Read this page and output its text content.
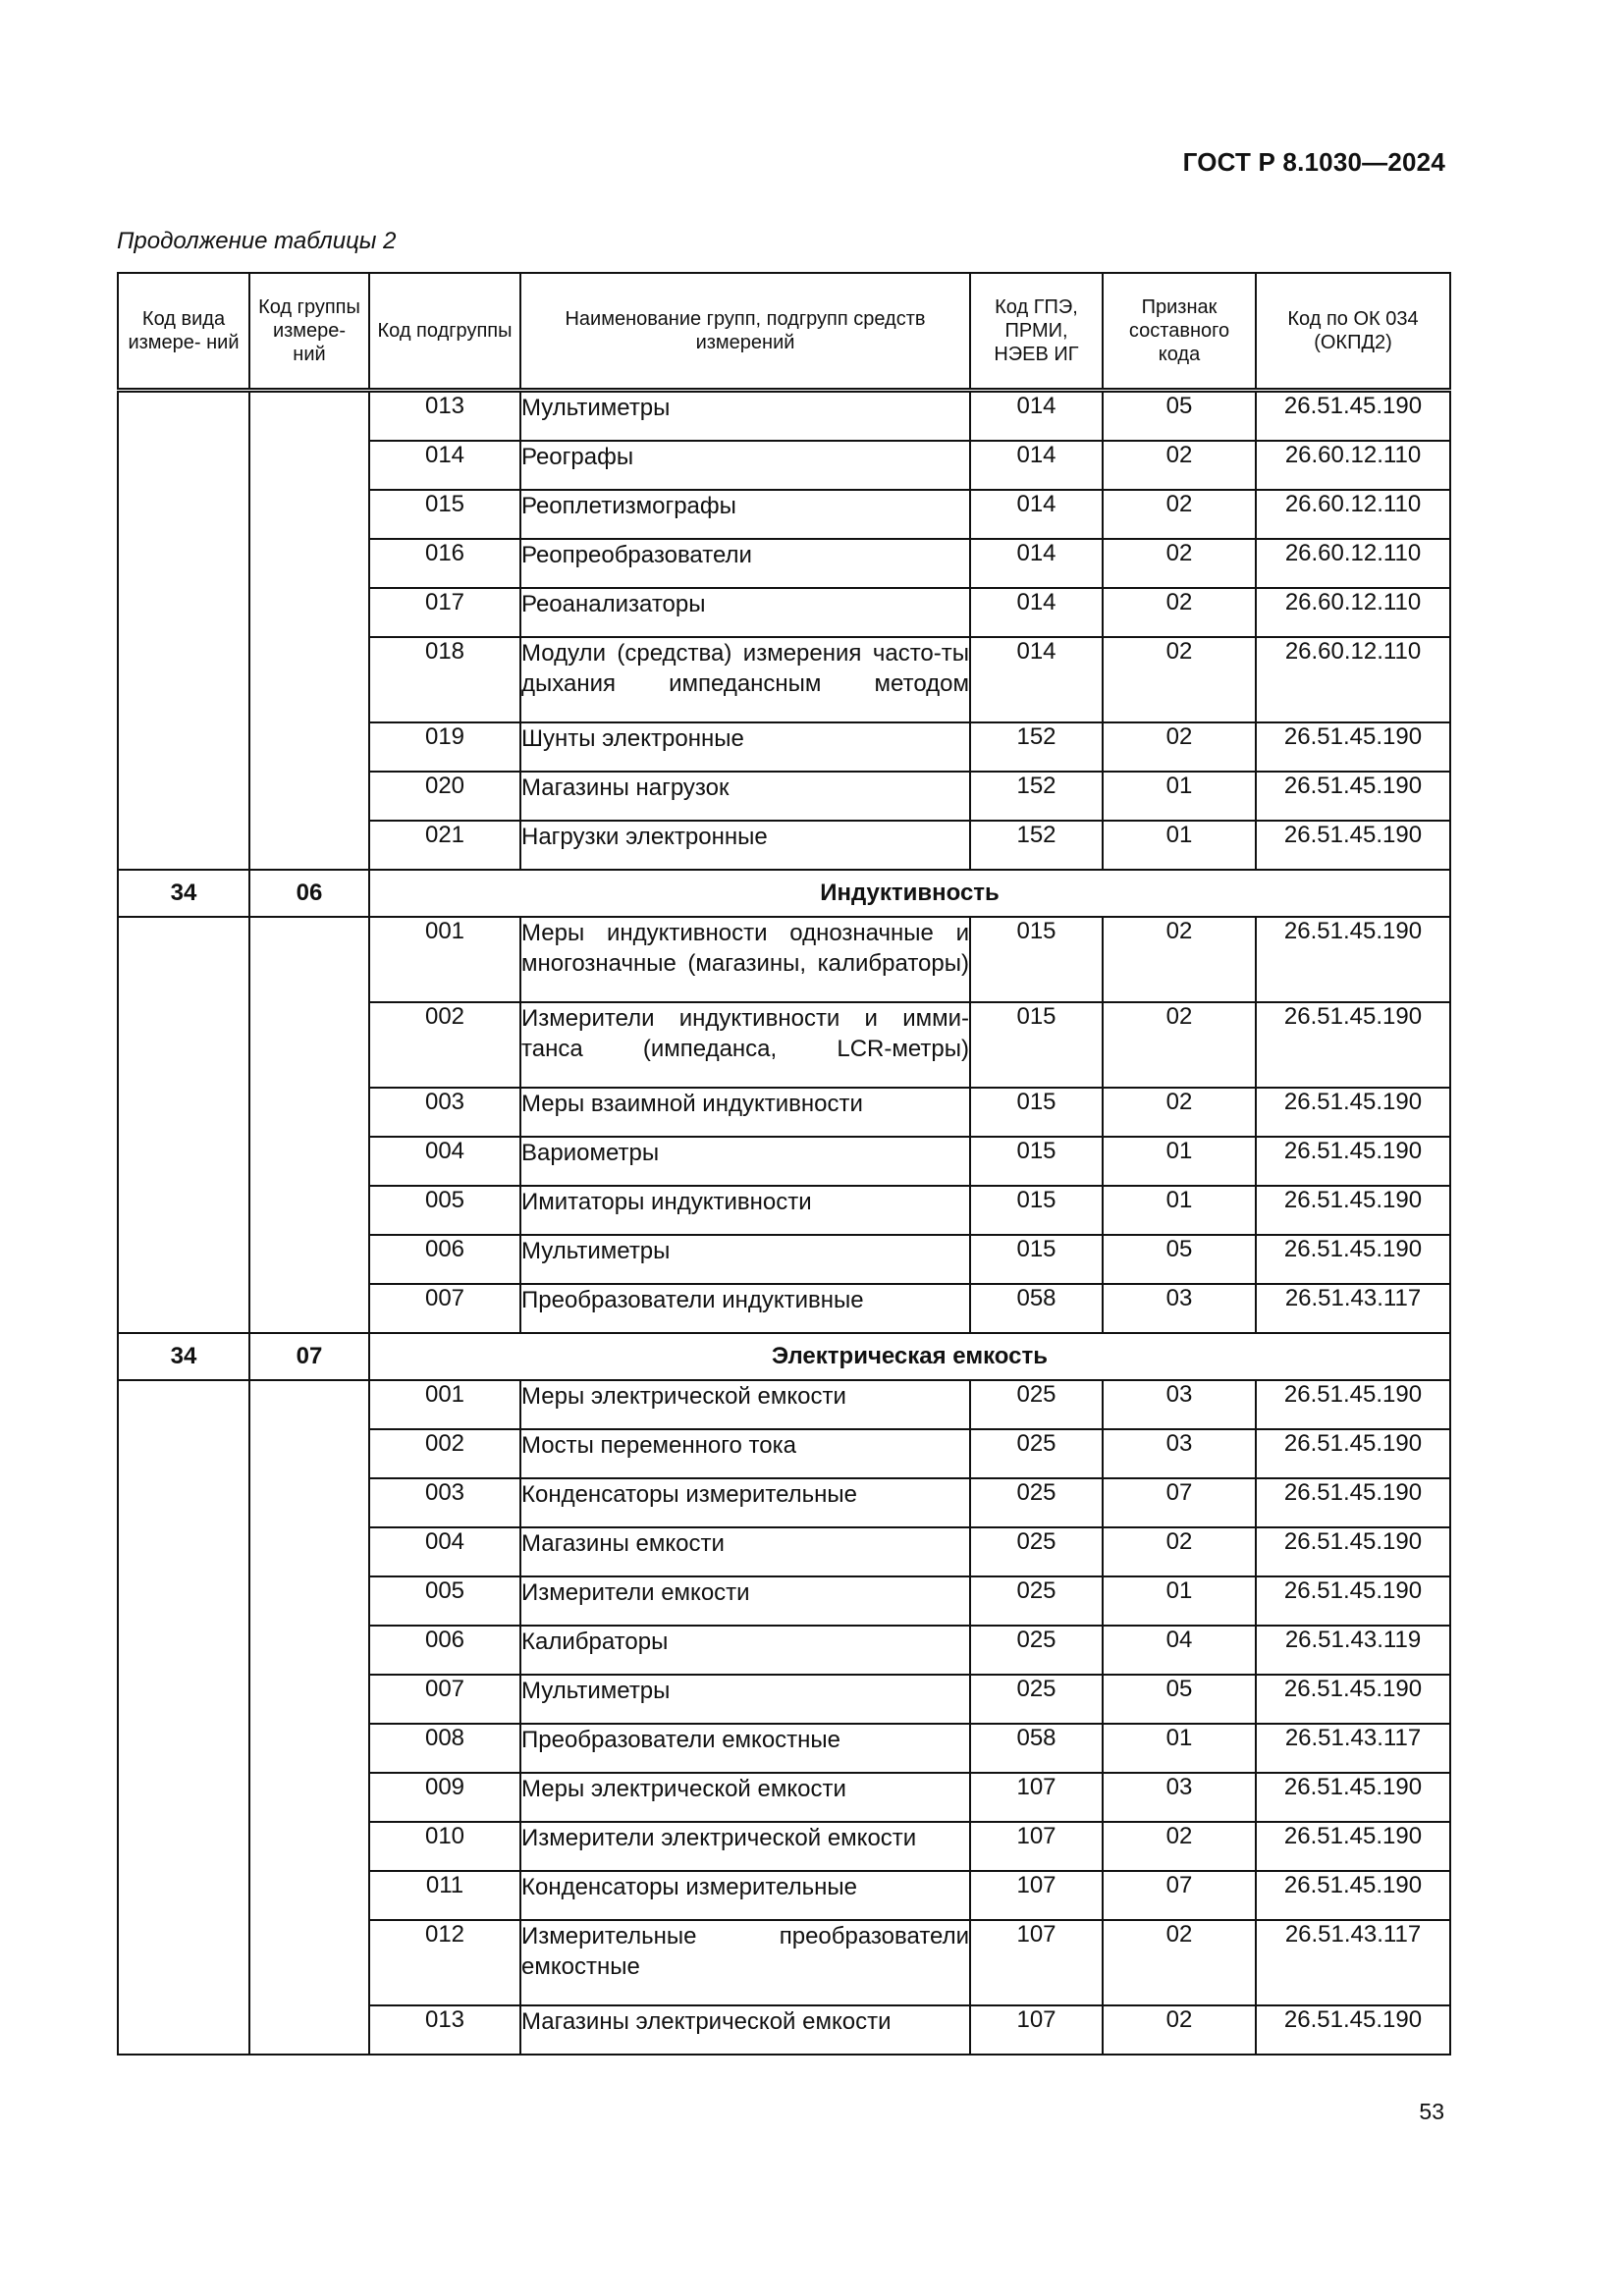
ГОСТ Р 8.1030—2024
Продолжение таблицы 2
Код вида измере- ний	Код группы измере- ний	Код подгруппы	Наименование групп, подгрупп средств измерений	Код ГПЭ, ПРМИ, НЭЕВ ИГ	Признак составного кода	Код по ОК 034 (ОКПД2)
		013	Мультиметры	014	05	26.51.45.190
		014	Реографы	014	02	26.60.12.110
		015	Реоплетизмографы	014	02	26.60.12.110
		016	Реопреобразователи	014	02	26.60.12.110
		017	Реоанализаторы	014	02	26.60.12.110
		018	Модули (средства) измерения часто-ты дыхания импедансным методом	014	02	26.60.12.110
		019	Шунты электронные	152	02	26.51.45.190
		020	Магазины нагрузок	152	01	26.51.45.190
		021	Нагрузки электронные	152	01	26.51.45.190
34	06	Индуктивность				
		001	Меры индуктивности однозначные и многозначные (магазины, калибраторы)	015	02	26.51.45.190
		002	Измерители индуктивности и имми-танса (импеданса, LCR-метры)	015	02	26.51.45.190
		003	Меры взаимной индуктивности	015	02	26.51.45.190
		004	Вариометры	015	01	26.51.45.190
		005	Имитаторы индуктивности	015	01	26.51.45.190
		006	Мультиметры	015	05	26.51.45.190
		007	Преобразователи индуктивные	058	03	26.51.43.117
34	07	Электрическая емкость				
		001	Меры электрической емкости	025	03	26.51.45.190
		002	Мосты переменного тока	025	03	26.51.45.190
		003	Конденсаторы измерительные	025	07	26.51.45.190
		004	Магазины емкости	025	02	26.51.45.190
		005	Измерители емкости	025	01	26.51.45.190
		006	Калибраторы	025	04	26.51.43.119
		007	Мультиметры	025	05	26.51.45.190
		008	Преобразователи емкостные	058	01	26.51.43.117
		009	Меры электрической емкости	107	03	26.51.45.190
		010	Измерители электрической емкости	107	02	26.51.45.190
		011	Конденсаторы измерительные	107	07	26.51.45.190
		012	Измерительные преобразователи емкостные	107	02	26.51.43.117
		013	Магазины электрической емкости	107	02	26.51.45.190
53
